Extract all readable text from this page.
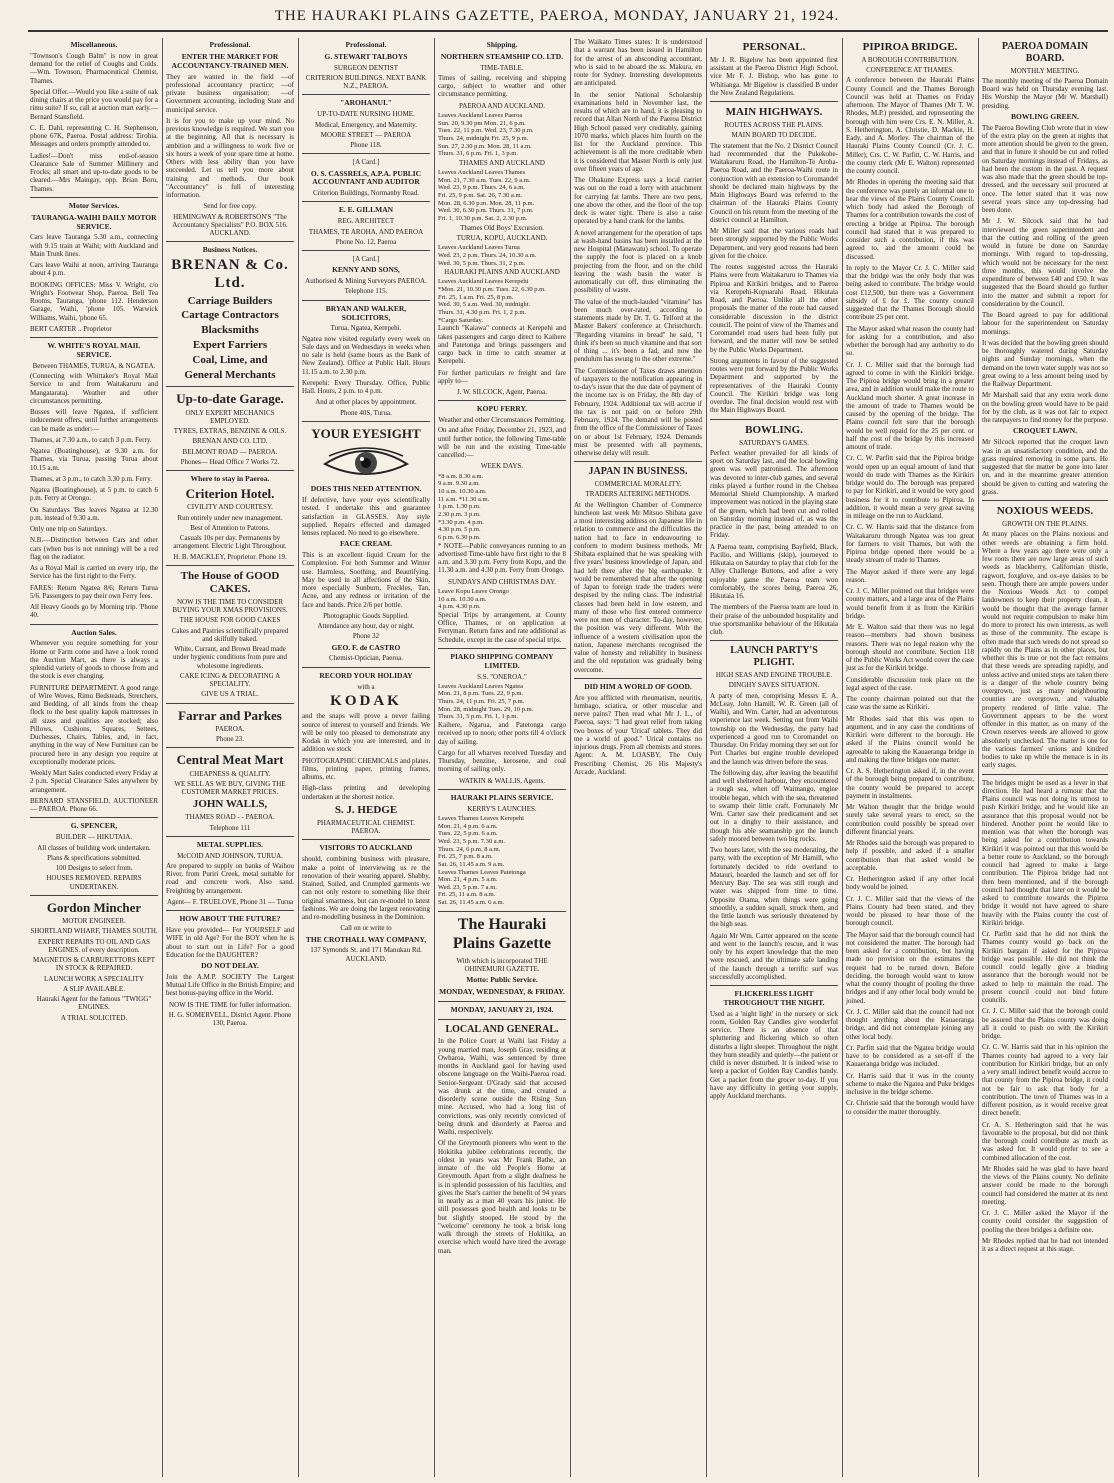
THE HAURAKI PLAINS GAZETTE, PAEROA, MONDAY, JANUARY 21, 1924.
Miscellaneous.

"Townson's Cough Balm" is now in great demand for the relief of Coughs and Colds.—Wm. Townson, Pharmaceutical Chemist, Thames.

Special Offer.—Would you like a suite of oak dining chairs at the price you would pay for a rimu suite? If so, call at auction mart early.—Bernard Stansfield.

C. E. Dahl, representing C. H. Stephenson, phone 67K, Paeroa. Postal address: Tirohia. Messages and orders promptly attended to.

Ladies!—Don't miss end-of-season Clearance Sale of Summer Millinery and Frocks; all smart and up-to-date goods to be cleared.—Mrs Maingay, opp. Brian Boru, Thames.

Motor Services.
TAURANGA-WAIHI DAILY MOTOR SERVICE.

Cars leave Tauranga 5.30 a.m., connecting with 9.15 train at Waihi; with Auckland and Main Trunk lines.

Cars leave Waihi at noon, arriving Tauranga about 4 p.m.

BOOKING OFFICES: Miss V. Wright, c/o Wright's Footwear Shop, Paeroa. Bell Tea Rooms, Tauranga, 'phone 112. Henderson Garage, Waihi, 'phone 105. Warwick Williams, Waihi, 'phone 65.

BERT CARTER .. Proprietor

W. WHITE'S ROYAL MAIL SERVICE.
Between THAMES, TURUA, & NGATEA.

(Connecting with Whittaker's Royal Mail Service to and from Waitakaruru and Mangatarata). Weather and other circumstances permitting.

Busses will leave Ngatea, if sufficient inducement offers, until further arrangements can be made as under:—

Thames, at 7.30 a.m., to catch 3 p.m. Ferry.

Ngatea (Boatinghouse), at 9.30 a.m. for Thames, via Turua, passing Turua about 10.15 a.m.

Thames, at 3 p.m., to catch 3.30 p.m. Ferry.

Ngatea (Boatinghouse), at 5 p.m. to catch 6 p.m. Ferry at Orongo.

On Saturdays 'Bus leaves Ngatea at 12.30 p.m. instead of 9.30 a.m.

Only one trip on Saturdays.

N.B.—Distinction between Cars and other cars (when bus is not running) will be a red flag on the radiator.

As a Royal Mail is carried on every trip, the Service has the first right to the Ferry.

FARES: Return Ngatea 8/6; Return Turua 5/6. Passengers to pay their own Ferry fees.

All Heavy Goods go by Morning trip. 'Phone 40.

Auction Sales.

Whenever you require something for your Home or Farm come and have a look round the Auction Mart, as there is always a splendid variety of goods to choose from and the stock is ever changing.

FURNITURE DEPARTMENT. A good range of Wire Woves, Rimu Bedsteads, Stretchers, and Bedding, of all kinds from the cheap flock to the best quality kapok mattresses in all sizes and qualities are stocked; also Pillows, Cushions, Squares, Settees, Duchesses, Chairs, Tables, and, in fact, anything in the way of New Furniture can be procured here in any design you require at exceptionally moderate prices.

Weekly Mart Sales conducted every Friday at 2 p.m. Special Clearance Sales anywhere by arrangement.

BERNARD STANSFIELD, AUCTIONEER — PAEROA. Phone 66.

G. SPENCER,
BUILDER — HIKUTAIA.
All classes of building work undertaken.
Plans & specifications submitted.
100 Designs to select from.
HOUSES REMOVED. REPAIRS UNDERTAKEN.
Gordon Mincher
MOTOR ENGINEER.
SHORTLAND WHARF, THAMES SOUTH.
EXPERT REPAIRS TO OIL AND GAS ENGINES. of every description.
MAGNETOS & CARBURETTORS KEPT IN STOCK & REPAIRED.
LAUNCH WORK A SPECIALITY
A SLIP AVAILABLE.
Hauraki Agent for the famous "TWIGG" ENGINES.
A TRIAL SOLICITED.
Professional.
ENTER THE MARKET FOR ACCOUNTANCY-TRAINED MEN.

They are wanted in the field —of professional accountancy practice; —of private business organisation; —of Government accounting, including State and municipal service.

It is for you to make up your mind. No previous knowledge is required. We start you at the beginning. All that is necessary is ambition and a willingness to work five or six hours a week of your spare time at home. Others with less ability than you have succeeded. Let us tell you more about training and methods. Our book "Accountancy" is full of interesting information.

Send for free copy.
HEMINGWAY & ROBERTSON'S "The Accountancy Specialists" P.O. BOX 516. AUCKLAND.
Business Notices.
BRENAN & Co. Ltd.
Carriage Builders
Cartage Contractors
Blacksmiths
Expert Farriers
Coal, Lime, and
General Merchants
Up-to-date Garage.
ONLY EXPERT MECHANICS EMPLOYED.
TYRES, EXTRAS, BENZINE & OILS.
BRENAN AND CO. LTD.
BELMONT ROAD — PAEROA.
Phones— Head Office 7 Works 72.
Where to stay in Paeroa.
Criterion Hotel.
CIVILITY AND COURTESY.
Run entirely under new management.
Best of Attention to Patrons.
Casuals 10s per day. Permanents by arrangement. Electric Light Throughout.
H. B. MACKLEY, Proprietor. Phone 19.
The House of GOOD CAKES.
NOW IS THE TIME TO CONSIDER BUYING YOUR XMAS PROVISIONS.
THE HOUSE FOR GOOD CAKES
Cakes and Pastries scientifically prepared and skilfully baked.
White, Currant, and Brown Bread made under hygienic conditions from pure and wholesome ingredients.
CAKE ICING & DECORATING A SPECIALITY.
GIVE US A TRIAL.
Farrar and Parkes
PAEROA.
Phone 23.
Central Meat Mart
CHEAPNESS & QUALITY.
WE SELL AS WE BUY, GIVING THE CUSTOMER MARKET PRICES.
JOHN WALLS,
THAMES ROAD - - PAEROA.
Telephone 111
METAL SUPPLIES.
McCOID AND JOHNSON, TURUA.

Are prepared to supply on banks of Waihou River, from Puriri Creek, metal suitable for road and concrete work. Also sand. Freighting by arrangement.

Agent— F. TRUELOVE, Phone 31 — Turua
HOW ABOUT THE FUTURE?

Have you provided— For YOURSELF and WIFE in old Age? For the BOY when he is about to start out in Life? For a good Education for the DAUGHTER?

DO NOT DELAY.

Join the A.M.P. SOCIETY The Largest Mutual Life Office in the British Empire; and best bonus-paying office in the World.

NOW IS THE TIME for fuller information.
H. G. SOMERVELL, District Agent. Phone 130, Paeroa.
Professional.
G. STEWART TALBOYS
SURGEON DENTIST
CRITERION BUILDINGS. NEXT BANK N.Z., PAEROA.
"AROHANUI."
UP-TO-DATE NURSING HOME.
Medical, Emergency, and Maternity.
MOORE STREET — PAEROA
Phone 118.
[A Card.]
O. S. CASSRELS, A.P.A. PUBLIC ACCOUNTANT AND AUDITOR
Criterion Buildings, Normanby Road.
E. E. GILLMAN
REG. ARCHITECT
THAMES, TE AROHA, AND PAEROA
Phone No. 12, Paeroa
[A Card.]
KENNY AND SONS,
Authorised & Mining Surveyors PAEROA.
Telephone 115.
BRYAN AND WALKER, SOLICITORS,
Turua, Ngatea, Kerepehi.

Ngatea now visited regularly every week on Sale days and on Wednesdays in weeks when no sale is held (same hours as the Bank of New Zealand). Office at Public Hall. Hours 11.15 a.m. to 2.30 p.m.

Kerepehi: Every Thursday. Office, Public Hall. Hours, 2 p.m. to 4 p.m.

And at other places by appointment.
Phone 40S, Turua.
YOUR EYESIGHT
DOES THIS NEED ATTENTION.

If defective, have your eyes scientifically tested. I undertake this and guarantee satisfaction in GLASSES. Any style supplied. Repairs effected and damaged lenses replaced. No need to go elsewhere.

FACE CREAM.

This is an excellent liquid Cream for the Complexion. For both Summer and Winter use. Harmless, Soothing, and Beautifying. May be used in all affections of the Skin, more especially Sunburn, Freckles, Tan, Acne, and any redness or irritation of the face and hands. Price 2/6 per bottle.

Photographic Goods Supplied.
Attendance any hour, day or night.
Phone 32
GEO. F. de CASTRO
Chemist-Optician, Paeroa.
RECORD YOUR HOLIDAY
with a
KODAK

and the snaps will prove a never failing source of interest to yourself and friends. We will be only too pleased to demonstrate any Kodak in which you are interested, and in addition we stock

PHOTOGRAPHIC CHEMICALS and plates, films, printing paper, printing frames, albums, etc.

High-class printing and developing undertaken at the shortest notice.

S. J. HEDGE
PHARMACEUTICAL CHEMIST. PAEROA.
VISITORS TO AUCKLAND

should, combining business with pleasure, make a point of interviewing us re the renovation of their wearing apparel. Shabby, Stained, Soiled, and Crumpled garments we can not only restore to something like their original smartness, but can re-model to latest fashions. We are doing the largest renovating and re-modelling business in the Dominion.

Call on or write to
THE CROTHALL WAY COMPANY,
137 Symonds St. and 171 Manukau Rd. AUCKLAND.
Shipping.
NORTHERN STEAMSHIP CO. LTD.
TIME-TABLE.

Times of sailing, receiving and shipping cargo, subject to weather and other circumstance permitting.

PAEROA AND AUCKLAND.
Leaves Auckland Leaves Paeroa
Sun. 20, 9.30 pm Mon. 21, 6 p.m.
Tues. 22, 11 p.m. Wed. 23, 7.30 p.m.
Thurs. 24, midnight Fri. 25, 9 p.m.
Sun. 27, 2.30 p.m. Mon. 28, 11 a.m.
Thurs. 31, 6 p.m. Fri. 1, 3 p.m.
THAMES AND AUCKLAND
Leaves Auckland Leaves Thames
Mon. 21, 7.30 a.m. Tues. 22, 9 a.m.
Wed. 23, 9 p.m. Thurs. 24, 6 a.m.
Fri. 25, 9 p.m. Sat. 26, 7.30 a.m.
Mon. 28, 6.30 p.m. Mon. 28, 11 p.m.
Wed. 30, 6.30 p.m. Thurs. 31, 7 p.m.
Fri. 1, 10.30 p.m. Sat. 2, 2.30 p.m.
Thames Old Boys' Excursion.
TURUA, KOPU, AUCKLAND.
Leaves Auckland Leaves Turua
Wed. 23, 2 p.m. Thurs. 24, 10.30 a.m.
Wed. 30, 5 p.m. Thurs. 31, 2 p.m.
HAURAKI PLAINS AND AUCKLAND
Leaves Auckland Leaves Kerepehi
*Mon. 21, 10.30 p.m. Tues. 22, 6.30 p.m.
Fri. 25, 1 a.m. Fri. 25, 8 p.m.
Wed. 30, 5 a.m. Wed. 30, midnight.
Thurs. 31, 4.30 p.m. Fri. 1, 2 p.m.
*Cargo Saturday.

Launch "Kaiawa" connects at Kerepehi and takes passengers and cargo direct to Kaihere and Patetonga and brings passengers and cargo back in time to catch steamer at Kerepehi.

For further particulars re freight and fare apply to—

J. W. SILCOCK, Agent, Paeroa.
KOPU FERRY.
Weather and other Circumstances Permitting.

On and after Friday, December 21, 1923, and until further notice, the following Time-table will be run and the existing Time-table cancelled:—

WEEK DAYS.
*8 a.m. 8.30 a.m.
9 a.m. 9.30 a.m.
10 a.m. 10.30 a.m.
11 a.m. *11.30 a.m.
1 p.m. 1.30 p.m.
2.30 p.m. 3 p.m.
*3.30 p.m. 4 p.m.
4.30 p.m. 5 p.m.
6 p.m. 6.30 p.m.

* NOTE—Public conveyances running to an advertised Time-table have first right to the 8 a.m. and 3.30 p.m. Ferry from Kopu, and the 11.30 a.m. and 4.30 p.m. Ferry from Orongo.

SUNDAYS AND CHRISTMAS DAY.
Leave Kopu Leave Orongo
10 a.m. 10.30 a.m.
4 p.m. 4.30 p.m.

Special Trips by arrangement, at County Office, Thames, or on application at Ferryman. Return fares and rate additional as Schedule, except in the case of special trips.

PIAKO SHIPPING COMPANY LIMITED.
S.S. "ONEROA."
Leaves Auckland Leaves Ngatea
Mon. 21, 8 p.m. Tues. 22, 9 p.m.
Thurs. 24, 11 p.m. Fri. 25, 7 p.m.
Mon. 28, midnight Tues. 29, 10 p.m.
Thurs. 31, 5 p.m. Fri. 1, 1 p.m.

Kaihere, Ngarua, and Patetonga cargo received up to noon; other ports till 4 o'clock day of sailing.

Cargo for all wharves received Tuesday and Thursday, benzine, kerosene, and coal morning of sailing only.

WATKIN & WALLIS, Agents.
HAURAKI PLAINS SERVICE.
KERRY'S LAUNCHES.
Leaves Thames Leaves Kerepehi
Mon. 21, 4 p.m. 6 a.m.
Tues. 22, 5 p.m. 6 a.m.
Wed. 23, 5 p.m. 7.30 a.m.
Thurs. 24, 6 p.m. 8 a.m.
Fri. 25, 7 p.m. 8 a.m.
Sat. 26, 11.45 a.m. 9 a.m.
Leaves Thames Leaves Patetonga
Mon. 21, 4 p.m. 5 a.m.
Wed. 23, 5 p.m. 7 a.m.
Fri. 25, 11 a.m. 8 a.m.
Sat. 26, 11.45 a.m. 6 a.m.
The Hauraki Plains Gazette
With which is incorporated THE OHINEMURI GAZETTE.
Motto: Public Service.
MONDAY, WEDNESDAY, & FRIDAY.
MONDAY, JANUARY 21, 1924.
LOCAL AND GENERAL.

In the Police Court at Waihi last Friday a young married man, Joseph Gray, residing at Owharoa, Waihi, was sentenced by three months in Auckland gaol for having used obscene language on the Waihi-Paeroa road. Senior-Sergeant O'Grady said that accused was drunk at the time, and created a disorderly scene outside the Rising Sun mine. Accused, who had a long list of convictions, was only recently convicted of being drunk and disorderly at Paeroa and Waihi, respectively.

Of the Greymouth pioneers who went to the Hokitika jubilee celebrations recently, the oldest in years was Mr Frank Bathe, an inmate of the old People's Home at Greymouth. Apart from a slight deafness he is in splendid possession of his faculties, and gives the Star's carrier the benefit of 94 years in nearly as a man 40 years his junior. He still possesses good health and looks to be but slightly stooped. He stood by the "welcome" ceremony he took a brisk long walk through the streets of Hokitika, an exercise which would have tired the average man.

The Waikato Times states: It is understood that a warrant has been issued in Hamilton for the arrest of an absconding accountant, who is said to be aboard the ss. Makura, en route for Sydney. Interesting developments are anticipated.

In the senior National Scholarship examinations held in November last, the results of which are to hand, it is pleasing to record that Allan North of the Paeroa District High School passed very creditably, gaining 1070 marks, which places him fourth on the list for the Auckland province. This achievement is all the more creditable when it is considered that Master North is only just over fifteen years of age.

The Ohakune Express says a local carrier was out on the road a lorry with attachment for carrying fat lambs. There are two pens, one above the other, and the floor of the top deck is water tight. There is also a raise operated by a hand crank for the lambs.

A novel arrangement for the operation of taps at wash-hand basins has been installed at the new Hospital (Manawatu) school. To operate the supply the foot is placed on a knob projecting from the floor, and on the child leaving the wash basin the water is automatically cut off, thus eliminating the possibility of waste.

The value of the much-lauded "vitamine" has been much over-rated, according to statements made by Dr. T. G. Telford at the Master Bakers' conference at Christchurch. "Regarding vitamins in bread" he said, "I think it's been so much vitamine and that sort of thing ... it's been a fad, and now the pendulum has swung to the other extreme."

The Commissioner of Taxes draws attention of taxpayers to the notification appearing in to-day's issue that the due date of payment of the income tax is on Friday, the 8th day of February, 1924. Additional tax will accrue if the tax is not paid on or before 29th February, 1924. The demand will be posted from the office of the Commissioner of Taxes on or about 1st February, 1924. Demands must be presented with all payments, otherwise delay will result.

JAPAN IN BUSINESS.
COMMERCIAL MORALITY.
TRADERS ALTERING METHODS.

At the Wellington Chamber of Commerce luncheon last week Mr Mitsuo Shibata gave a most interesting address on Japanese life in relation to commerce and the difficulties the nation had to face in endeavouring to conform to modern business methods. Mr Shibata explained that he was speaking with five years' business knowledge of Japan, and had left there after the big earthquake. It would be remembered that after the opening of Japan to foreign trade the traders were despised by the ruling class. The industrial classes had been held in low esteem, and many of those who first entered commerce were not men of character. To-day, however, the position was very different. With the influence of a western civilisation upon the nation, Japanese merchants recognised the value of honesty and reliability in business and the old reputation was gradually being overcome.

DID HIM A WORLD OF GOOD.

Are you afflicted with rheumatism, neuritis, lumbago, sciatica, or other muscular and nerve pains? Then read what Mr J. L., of Paeroa, says: "I had great relief from taking two boxes of your 'Urical' tablets. They did me a world of good." Urical contains no injurious drugs. From all chemists and stores. Agent: A. M. LOASBY, The Only Prescribing Chemist, 26 His Majesty's Arcade, Auckland.

PERSONAL.

Mr J. R. Bigelow has been appointed first assistant at the Paeroa District High School, vice Mr F. J. Bishop, who has gone to Whitianga. Mr Bigelow is classified B under the New Zealand Regulations.

MAIN HIGHWAYS.
ROUTES ACROSS THE PLAINS.
MAIN BOARD TO DECIDE.

The statement that the No. 2 District Council had recommended that the Pukekohe-Waitakaruru Road, the Hamilton-Te Aroha-Paeroa Road, and the Paeroa-Waihi route in conjunction with an extension to Coromandel should be declared main highways by the Main Highways Board was referred to the chairman of the Hauraki Plains County Council on his return from the meeting of the district council at Hamilton.

Mr Miller said that the various roads had been strongly supported by the Public Works Department, and very good reasons had been given for the choice.

The routes suggested across the Hauraki Plains were from Waitakaruru to Thames via Pipiroa and Kirikiri bridges, and to Paeroa via Kerepehi-Kopuarahi Road, Hikutaia Road, and Paeroa. Unlike all the other proposals the matter of the route had caused considerable discussion in the district council. The point of view of the Thames and Coromandel road users had been fully put forward, and the matter will now be settled by the Public Works Department.

Strong arguments in favour of the suggested routes were put forward by the Public Works Department and supported by the representatives of the Hauraki County Council. The Kirikiri bridge was long overdue. The final decision would rest with the Main Highways Board.

BOWLING.
SATURDAY'S GAMES.

Perfect weather prevailed for all kinds of sport on Saturday last, and the local bowling green was well patronised. The afternoon was devoted to inter-club games, and several rinks played a further round in the Chelsea Memorial Shield Championship. A marked improvement was noticed in the playing state of the green, which had been cut and rolled on Saturday morning instead of, as was the practice in the past, being attended to on Friday.

A Paeroa team, comprising Bayfield, Black, Pacilio, and Williams (skip), journeyed to Hikutaia on Saturday to play that club for the Alley Challenge Buttons, and after a very enjoyable game the Paeroa team won comfortably, the scores being, Paeroa 26, Hikutaia 16.

The members of the Paeroa team are loud in their praise of the unbounded hospitality and true sportsmanlike behaviour of the Hikutaia club.

LAUNCH PARTY'S PLIGHT.
HIGH SEAS AND ENGINE TROUBLE.
DINGHY SAVES SITUATION.

A party of men, comprising Messrs E. A. McLeay, John Hamill, W. R. Green (all of Waihi), and Wm. Carter, had an adventurous experience last week. Setting out from Waihi township on the Wednesday, the party had experienced a good run to Coromandel on Thursday. On Friday morning they set out for Port Charles but engine trouble developed and the launch was driven before the seas.

The following day, after leaving the beautiful and well sheltered harbour, they encountered a rough sea, when off Waimango, engine trouble began, which with the sea, threatened to swamp their little craft. Fortunately Mr Wm. Carter saw their predicament and set out in a dinghy to their assistance, and though his able seamanship got the launch safely moored between two big rocks.

Two hours later, with the sea moderating, the party, with the exception of Mr Hamill, who fortunately decided to ride overland to Matauri, boarded the launch and set off for Mercury Bay. The sea was still rough and water was shipped from time to time. Opposite Otama, when things were going smoothly, a sudden squall, struck them, and the little launch was seriously threatened by the high seas.

Again Mr Wm. Carter appeared on the scene and went to the launch's rescue, and it was only by his expert knowledge that the men were rescued, and the ultimate safe landing of the launch through a terrific surf was successfully accomplished.

FLICKERLESS LIGHT THROUGHOUT THE NIGHT.

Used as a 'night light' in the nursery or sick room, Golden Ray Candles give wonderful service. There is an absence of that spluttering and flickering which so often disturbs a light sleeper. Throughout the night they burn steadily and quietly—the patient or child is never disturbed. It is indeed wise to keep a packet of Golden Ray Candles handy. Get a packet from the grocer to-day. If you have any difficulty in getting your supply, apply Auckland merchants.

PIPIROA BRIDGE.
A BOROUGH CONTRIBUTION.
CONFERENCE AT THAMES.

A conference between the Hauraki Plains County Council and the Thames Borough Council was held at Thames on Friday afternoon. The Mayor of Thames (Mr T. W. Rhodes, M.P.) presided, and representing the borough with him were Crs. E. N. Miller, A. S. Hetherington, A. Christie, D. Mackie, H. Eady, and A. Morley. The chairman of the Hauraki Plains County Council (Cr. J. C. Miller), Crs. C. W. Parfitt, C. W. Harris, and the county clerk (Mr E. Walton) represented the county council.

Mr Rhodes in opening the meeting said that the conference was purely an informal one to hear the views of the Plains County Council, which body had asked the Borough of Thames for a contribution towards the cost of erecting a bridge at Pipiroa. The borough council had stated that it was prepared to consider such a contribution, if this was agreed to, and the amount could be discussed.

In reply to the Mayor Cr. J. C. Miller said that the bridge was the only body that was being asked to contribute. The bridge would cost £12,500, but there was a Government subsidy of £ for £. The county council suggested that the Thames Borough should contribute 25 per cent.

The Mayor asked what reason the county had for asking for a contribution, and also whether the borough had any authority to do so.

Cr. J. C. Miller said that the borough had agreed to come in with the Kirikiri bridge. The Pipiroa bridge would bring in a greater area, and in addition would make the route to Auckland much shorter. A great increase in the amount of trade to Thames would be caused by the opening of the bridge. The Plains council felt sure that the borough would be well repaid for the 25 per cent. or half the cost of the bridge by this increased amount of trade.

Cr. C. W. Parfitt said that the Pipiroa bridge would open up an equal amount of land that would do trade with Thames as the Kirikiri bridge would do. The borough was prepared to pay for Kirikiri, and it would be very good business for it to contribute to Pipiroa. In addition, it would mean a very great saving in mileage on the run to Auckland.

Cr. C. W. Harris said that the distance from Waitakaruru through Ngatea was too great for farmers to visit Thames, but with the Pipiroa bridge opened there would be a steady stream of trade to Thames.

The Mayor asked if there were any legal reason.

Cr. J. C. Miller pointed out that bridges were county matters, and a large area of the Plains would benefit from it as from the Kirikiri bridge.

Mr E. Walton said that there was no legal reason—members had shown business reasons. There was no legal reason why the borough should not contribute. Section 118 of the Public Works Act would cover the case just as for the Kirikiri bridge.

Considerable discussion took place on the legal aspect of the case.

The county chairman pointed out that the case was the same as Kirikiri.

Mr Rhodes said that this was open to argument, and in any case the conditions of Kirikiri were different to the borough. He asked if the Plains council would be agreeable to taking the Kauaeranga bridge in and making the three bridges one matter.

Cr. A. S. Hetherington asked if, in the event of the borough being prepared to contribute, the county would be prepared to accept payment in instalments.

Mr Walton thought that the bridge would surely take several years to erect, so the contribution could possibly be spread over different financial years.

Mr Rhodes said the borough was prepared to help if possible, and asked if a smaller contribution than that asked would be acceptable.

Cr. Hetherington asked if any other local body would be joined.

Cr. J. C. Miller said that the views of the Plains County had been stated, and they would be pleased to hear those of the borough council.

The Mayor said that the borough council had not considered the matter. The borough had been asked for a contribution, but having made no provision on the estimates the request had to be turned down. Before deciding, the borough would want to know what the county thought of pooling the three bridges and if any other local body would be joined.

Cr. J. C. Miller said that the council had not thought anything about the Kauaeranga bridge, and did not contemplate joining any other local body.

Cr. Parfitt said that the Ngatea bridge would have to be considered as a set-off if the Kauaeranga bridge was included.

Cr. Harris said that it was in the county scheme to make the Ngatea and Puke bridges inclusive in the bridge scheme.

Cr. Christie said that the borough would have to consider the matter thoroughly.

PAEROA DOMAIN BOARD.
MONTHLY MEETING.

The monthly meeting of the Paeroa Domain Board was held on Thursday evening last. His Worship the Mayor (Mr W. Marshall) presiding.

BOWLING GREEN.

The Paeroa Bowling Club wrote that in view of the extra play on the green at nights that more attention should be given to the green, and that in future it should be cut and rolled on Saturday mornings instead of Fridays, as had been the custom in the past. A request was also made that the green should be top-dressed, and the necessary soil procured at once. The letter stated that it was now several years since any top-dressing had been done.

Mr J. W. Silcock said that he had interviewed the green superintendent and that the cutting and rolling of the green would in future be done on Saturday mornings. With regard to top-dressing, which would not be necessary for the next three months, this would involve the expenditure of between £40 and £50. It was suggested that the Board should go further into the matter and submit a report for consideration by the Council.

The Board agreed to pay for additional labour for the superintendent on Saturday mornings.

It was decided that the bowling green should be thoroughly watered during Saturday nights and Sunday mornings, when the demand on the town water supply was not so great owing to a less amount being used by the Railway Department.

Mr Marshall said that any extra work done on the bowling green would have to be paid for by the club, as it was not fair to expect the ratepayers to find money for the purpose.

CROQUET LAWN.

Mr Silcock reported that the croquet lawn was in an unsatisfactory condition, and the grass required removing in some parts. He suggested that the matter be gone into later on, and in the meantime greater attention should be given to cutting and watering the grass.

NOXIOUS WEEDS.
GROWTH ON THE PLAINS.

At many places on the Plains noxious and other weeds are obtaining a firm hold. Where a few years ago there were only a few roots there are now large areas of such weeds as blackberry, Californian thistle, ragwort, foxglove, and ox-eye daisies to be seen. Though there are ample powers under the Noxious Weeds Act to compel landowners to keep their property clean, it would be thought that the average farmer would not require compulsion to make him do more to protect his own interests, as well as those of the community. The escape is often made that such weeds do not spread so rapidly on the Plains as in other places, but whether this is true or not the fact remains that these weeds are spreading rapidly, and unless active and united steps are taken there is a danger of the whole country being overgrown, just as many neighbouring counties are overgrown, and valuable property rendered of little value. The Government appears to be the worst offender in this matter, as on many of the Crown reserves weeds are allowed to grow absolutely unchecked. The matter is one for the various farmers' unions and kindred bodies to take up while the menace is in its early stages.

The bridges might be used as a lever in that direction. He had heard a rumour that the Plains council was not doing its utmost to push Kirikiri bridge, and he would like an assurance that this proposal would not be hindered. Another point he would like to mention was that when the borough was being asked for a contribution towards Kirikiri it was pointed out that this would be a better route to Auckland, so the borough council had agreed to make a large contribution. The Pipiroa bridge had not then been mentioned, and if the borough council had thought that later on it would be asked to contribute towards the Pipiroa bridge it would not have agreed to share heavily with the Plains county the cost of Kirikiri bridge.

Cr. Parfitt said that he did not think the Thames county would go back on the Kirikiri bargain if asked for the Pipiroa bridge was possible. He did not think the council could legally give a binding assurance that the borough would not be asked to help to maintain the road. The present council could not bind future councils.

Cr. J. C. Miller said that the borough could be assured that the Plains county was doing all it could to push on with the Kirikiri bridge.

Cr. C. W. Harris said that in his opinion the Thames county had agreed to a very fair contribution for Kirikiri bridge, but an only a very small indirect benefit would accrue to that county from the Pipiroa bridge, it could not be fair to ask that body for a contribution. The town of Thames was in a different position, as it would receive great direct benefit.

Cr. A. S. Hetherington said that he was favourable to the proposal, but did not think the borough could contribute as much as was asked for. It would prefer to see a combined allocation of the cost.

Mr Rhodes said he was glad to have heard the views of the Plains county. No definite answer could be made to the borough council had considered the matter at its next meeting.

Cr. J. C. Miller asked the Mayor if the county could consider the suggestion of pooling the three bridges a definite one.

Mr Rhodes replied that he had not intended it as a direct request at this stage.
